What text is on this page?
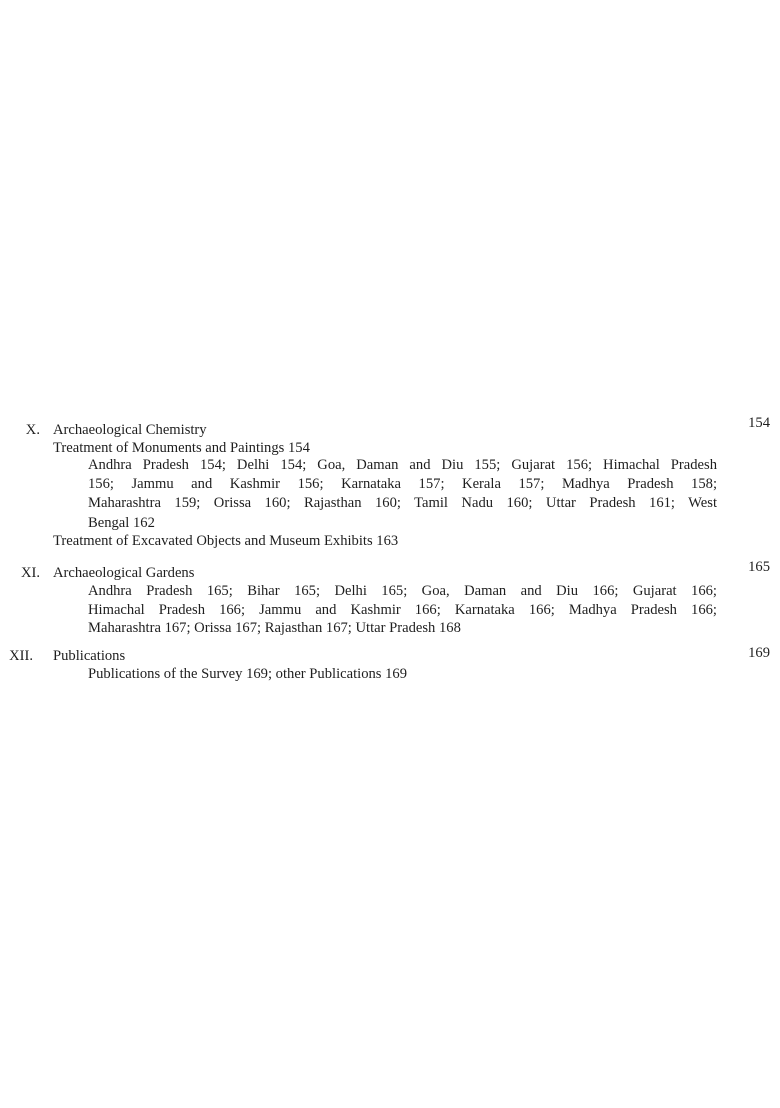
X. Archaeological Chemistry	154
Treatment of Monuments and Paintings 154
Andhra Pradesh 154; Delhi 154; Goa, Daman and Diu 155; Gujarat 156; Himachal Pradesh
156; Jammu and Kashmir 156; Karnataka 157; Kerala 157; Madhya Pradesh 158;
Maharashtra 159; Orissa 160; Rajasthan 160; Tamil Nadu 160; Uttar Pradesh 161; West
Bengal 162
Treatment of Excavated Objects and Museum Exhibits 163
XI. Archaeological Gardens	165
Andhra Pradesh 165; Bihar 165; Delhi 165; Goa, Daman and Diu 166; Gujarat 166;
Himachal Pradesh 166; Jammu and Kashmir 166; Karnataka 166; Madhya Pradesh 166;
Maharashtra 167; Orissa 167; Rajasthan 167; Uttar Pradesh 168
XII. Publications	169
Publications of the Survey 169; other Publications 169
